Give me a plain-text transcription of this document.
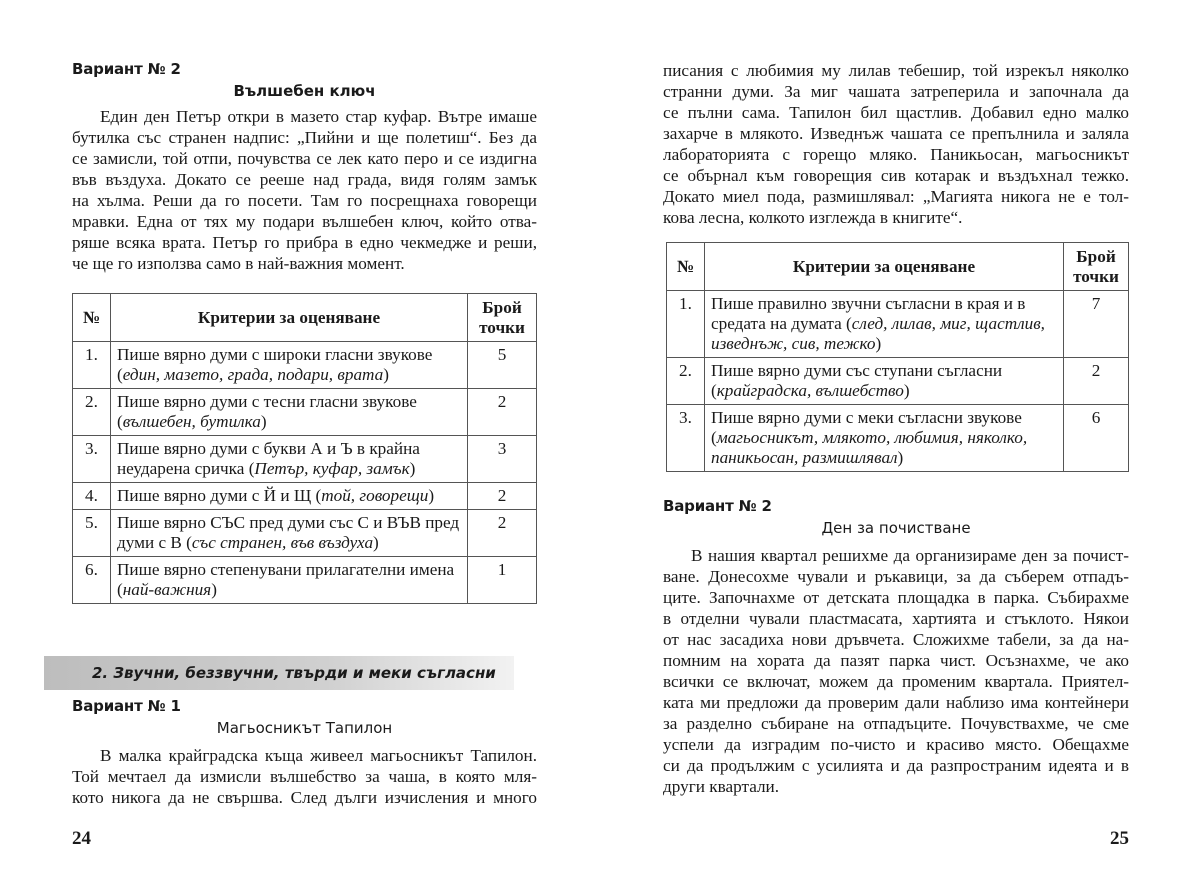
Вариант № 2
Вълшебен ключ
Един ден Петър откри в мазето стар куфар. Вътре имаше
бутилка със странен надпис: „Пийни и ще полетиш“. Без да
се замисли, той отпи, почувства се лек като перо и се издигна
във въздуха. Докато се рееше над града, видя голям замък
на хълма. Реши да го посети. Там го посрещнаха говорещи
мравки. Една от тях му подари вълшебен ключ, който отва-
ряше всяка врата. Петър го прибра в едно чекмедже и реши,
че ще го използва само в най-важния момент.
№	Критерии за оценяване	Брой точки
1.	Пише вярно думи с широки гласни звукове (един, мазето, града, подари, врата)	5
2.	Пише вярно думи с тесни гласни звукове (вълшебен, бутилка)	2
3.	Пише вярно думи с букви А и Ъ в крайна неударена сричка (Петър, куфар, замък)	3
4.	Пише вярно думи с Й и Щ (той, говорещи)	2
5.	Пише вярно СЪС пред думи със С и ВЪВ пред думи с В (със странен, във въздуха)	2
6.	Пише вярно степенувани прилагателни имена (най-важния)	1
Вариант № 1
Магьосникът Тапилон
В малка крайградска къща живеел магьосникът Тапилон.
Той мечтаел да измисли вълшебство за чаша, в която мля-
кото никога да не свършва. След дълги изчисления и много
24
2. Звучни, беззвучни, твърди и меки съгласни
писания с любимия му лилав тебешир, той изрекъл няколко
странни думи. За миг чашата затреперила и започнала да
се пълни сама. Тапилон бил щастлив. Добавил едно малко
захарче в млякото. Изведнъж чашата се препълнила и заляла
лабораторията с горещо мляко. Паникьосан, магьосникът
се обърнал към говорещия сив котарак и въздъхнал тежко.
Докато миел пода, размишлявал: „Магията никога не е тол-
кова лесна, колкото изглежда в книгите“.
№	Критерии за оценяване	Брой точки
1.	Пише правилно звучни съгласни в края и в средата на думата (след, лилав, миг, щастлив, изведнъж, сив, тежко)	7
2.	Пише вярно думи със ступани съгласни (крайградска, вълшебство)	2
3.	Пише вярно думи с меки съгласни звукове (магьосникът, млякото, любимия, няколко, паникьосан, размишлявал)	6
Вариант № 2
Ден за почистване
В нашия квартал решихме да организираме ден за почист-
ване. Донесохме чували и ръкавици, за да съберем отпадъ-
ците. Започнахме от детската площадка в парка. Събирахме
в отделни чували пластмасата, хартията и стъклото. Някои
от нас засадиха нови дръвчета. Сложихме табели, за да на-
помним на хората да пазят парка чист. Осъзнахме, че ако
всички се включат, можем да променим квартала. Приятел-
ката ми предложи да проверим дали наблизо има контейнери
за разделно събиране на отпадъците. Почувствахме, че сме
успели да изградим по-чисто и красиво място. Обещахме
си да продължим с усилията и да разпространим идеята и в
други квартали.
25
